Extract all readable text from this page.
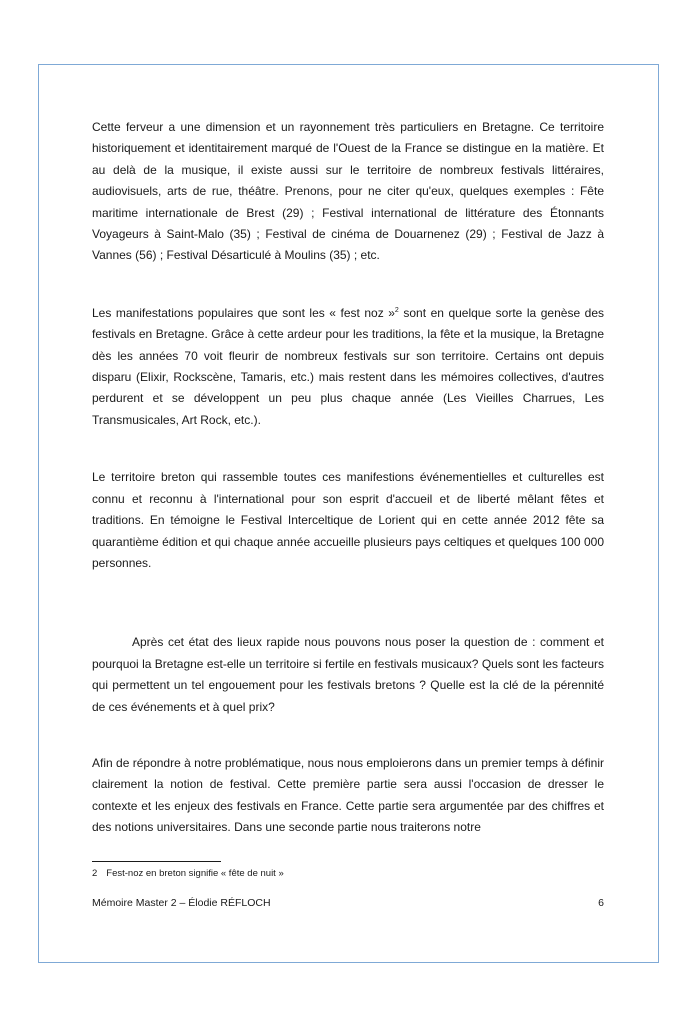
Cette ferveur a une dimension et un rayonnement très particuliers en Bretagne. Ce territoire historiquement et identitairement marqué de l'Ouest de la France se distingue en la matière. Et au delà de la musique, il existe aussi sur le territoire de nombreux festivals littéraires, audiovisuels, arts de rue, théâtre. Prenons, pour ne citer qu'eux, quelques exemples : Fête maritime internationale de Brest (29) ; Festival international de littérature des Étonnants Voyageurs à Saint-Malo (35) ; Festival de cinéma de Douarnenez (29) ; Festival de Jazz à Vannes (56) ; Festival Désarticulé à Moulins (35) ; etc.

Les manifestations populaires que sont les « fest noz »$^2$ sont en quelque sorte la genèse des festivals en Bretagne. Grâce à cette ardeur pour les traditions, la fête et la musique, la Bretagne dès les années 70 voit fleurir de nombreux festivals sur son territoire. Certains ont depuis disparu (Elixir, Rockscène, Tamaris, etc.) mais restent dans les mémoires collectives, d'autres perdurent et se développent un peu plus chaque année (Les Vieilles Charrues, Les Transmusicales, Art Rock, etc.).

Le territoire breton qui rassemble toutes ces manifestions événementielles et culturelles est connu et reconnu à l'international pour son esprit d'accueil et de liberté mêlant fêtes et traditions. En témoigne le Festival Interceltique de Lorient qui en cette année 2012 fête sa quarantième édition et qui chaque année accueille plusieurs pays celtiques et quelques 100 000 personnes.

Après cet état des lieux rapide nous pouvons nous poser la question de : comment et pourquoi la Bretagne est-elle un territoire si fertile en festivals musicaux? Quels sont les facteurs qui permettent un tel engouement pour les festivals bretons ? Quelle est la clé de la pérennité de ces événements et à quel prix?

Afin de répondre à notre problématique, nous nous emploierons dans un premier temps à définir clairement la notion de festival. Cette première partie sera aussi l'occasion de dresser le contexte et les enjeux des festivals en France. Cette partie sera argumentée par des chiffres et des notions universitaires. Dans une seconde partie nous traiterons notre

2 Fest-noz en breton signifie « fête de nuit »
Mémoire Master 2 – Élodie RÉFLOCH	6
